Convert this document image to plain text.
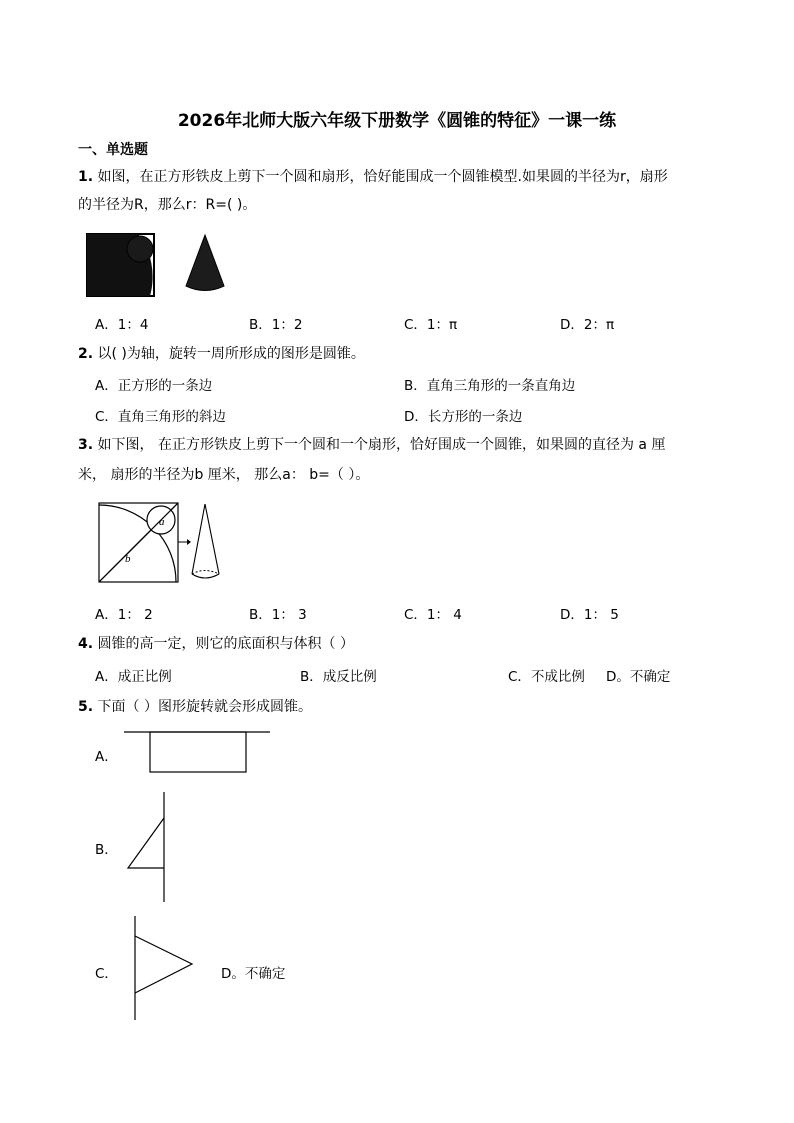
2026年北师大版六年级下册数学《圆锥的特征》一课一练
一、单选题
1. 如图，在正方形铁皮上剪下一个圆和扇形，恰好能围成一个圆锥模型.如果圆的半径为r，扇形
的半径为R，那么r：R=( )。
A．1：4	B．1：2	C．1：π	D．2：π
2. 以( )为轴，旋转一周所形成的图形是圆锥。
A．正方形的一条边	B．直角三角形的一条直角边
C．直角三角形的斜边	D．长方形的一条边
3. 如下图， 在正方形铁皮上剪下一个圆和一个扇形，恰好围成一个圆锥，如果圆的直径为 a 厘
米， 扇形的半径为b 厘米， 那么a： b=（ ）。
a
b
A．1： 2	B．1： 3	C．1： 4	D．1： 5
4. 圆锥的高一定，则它的底面积与体积（ ）
A．成正比例	B．成反比例	C．不成比例 D。不确定
5. 下面（ ）图形旋转就会形成圆锥。
A．
B．
C．	D。不确定
